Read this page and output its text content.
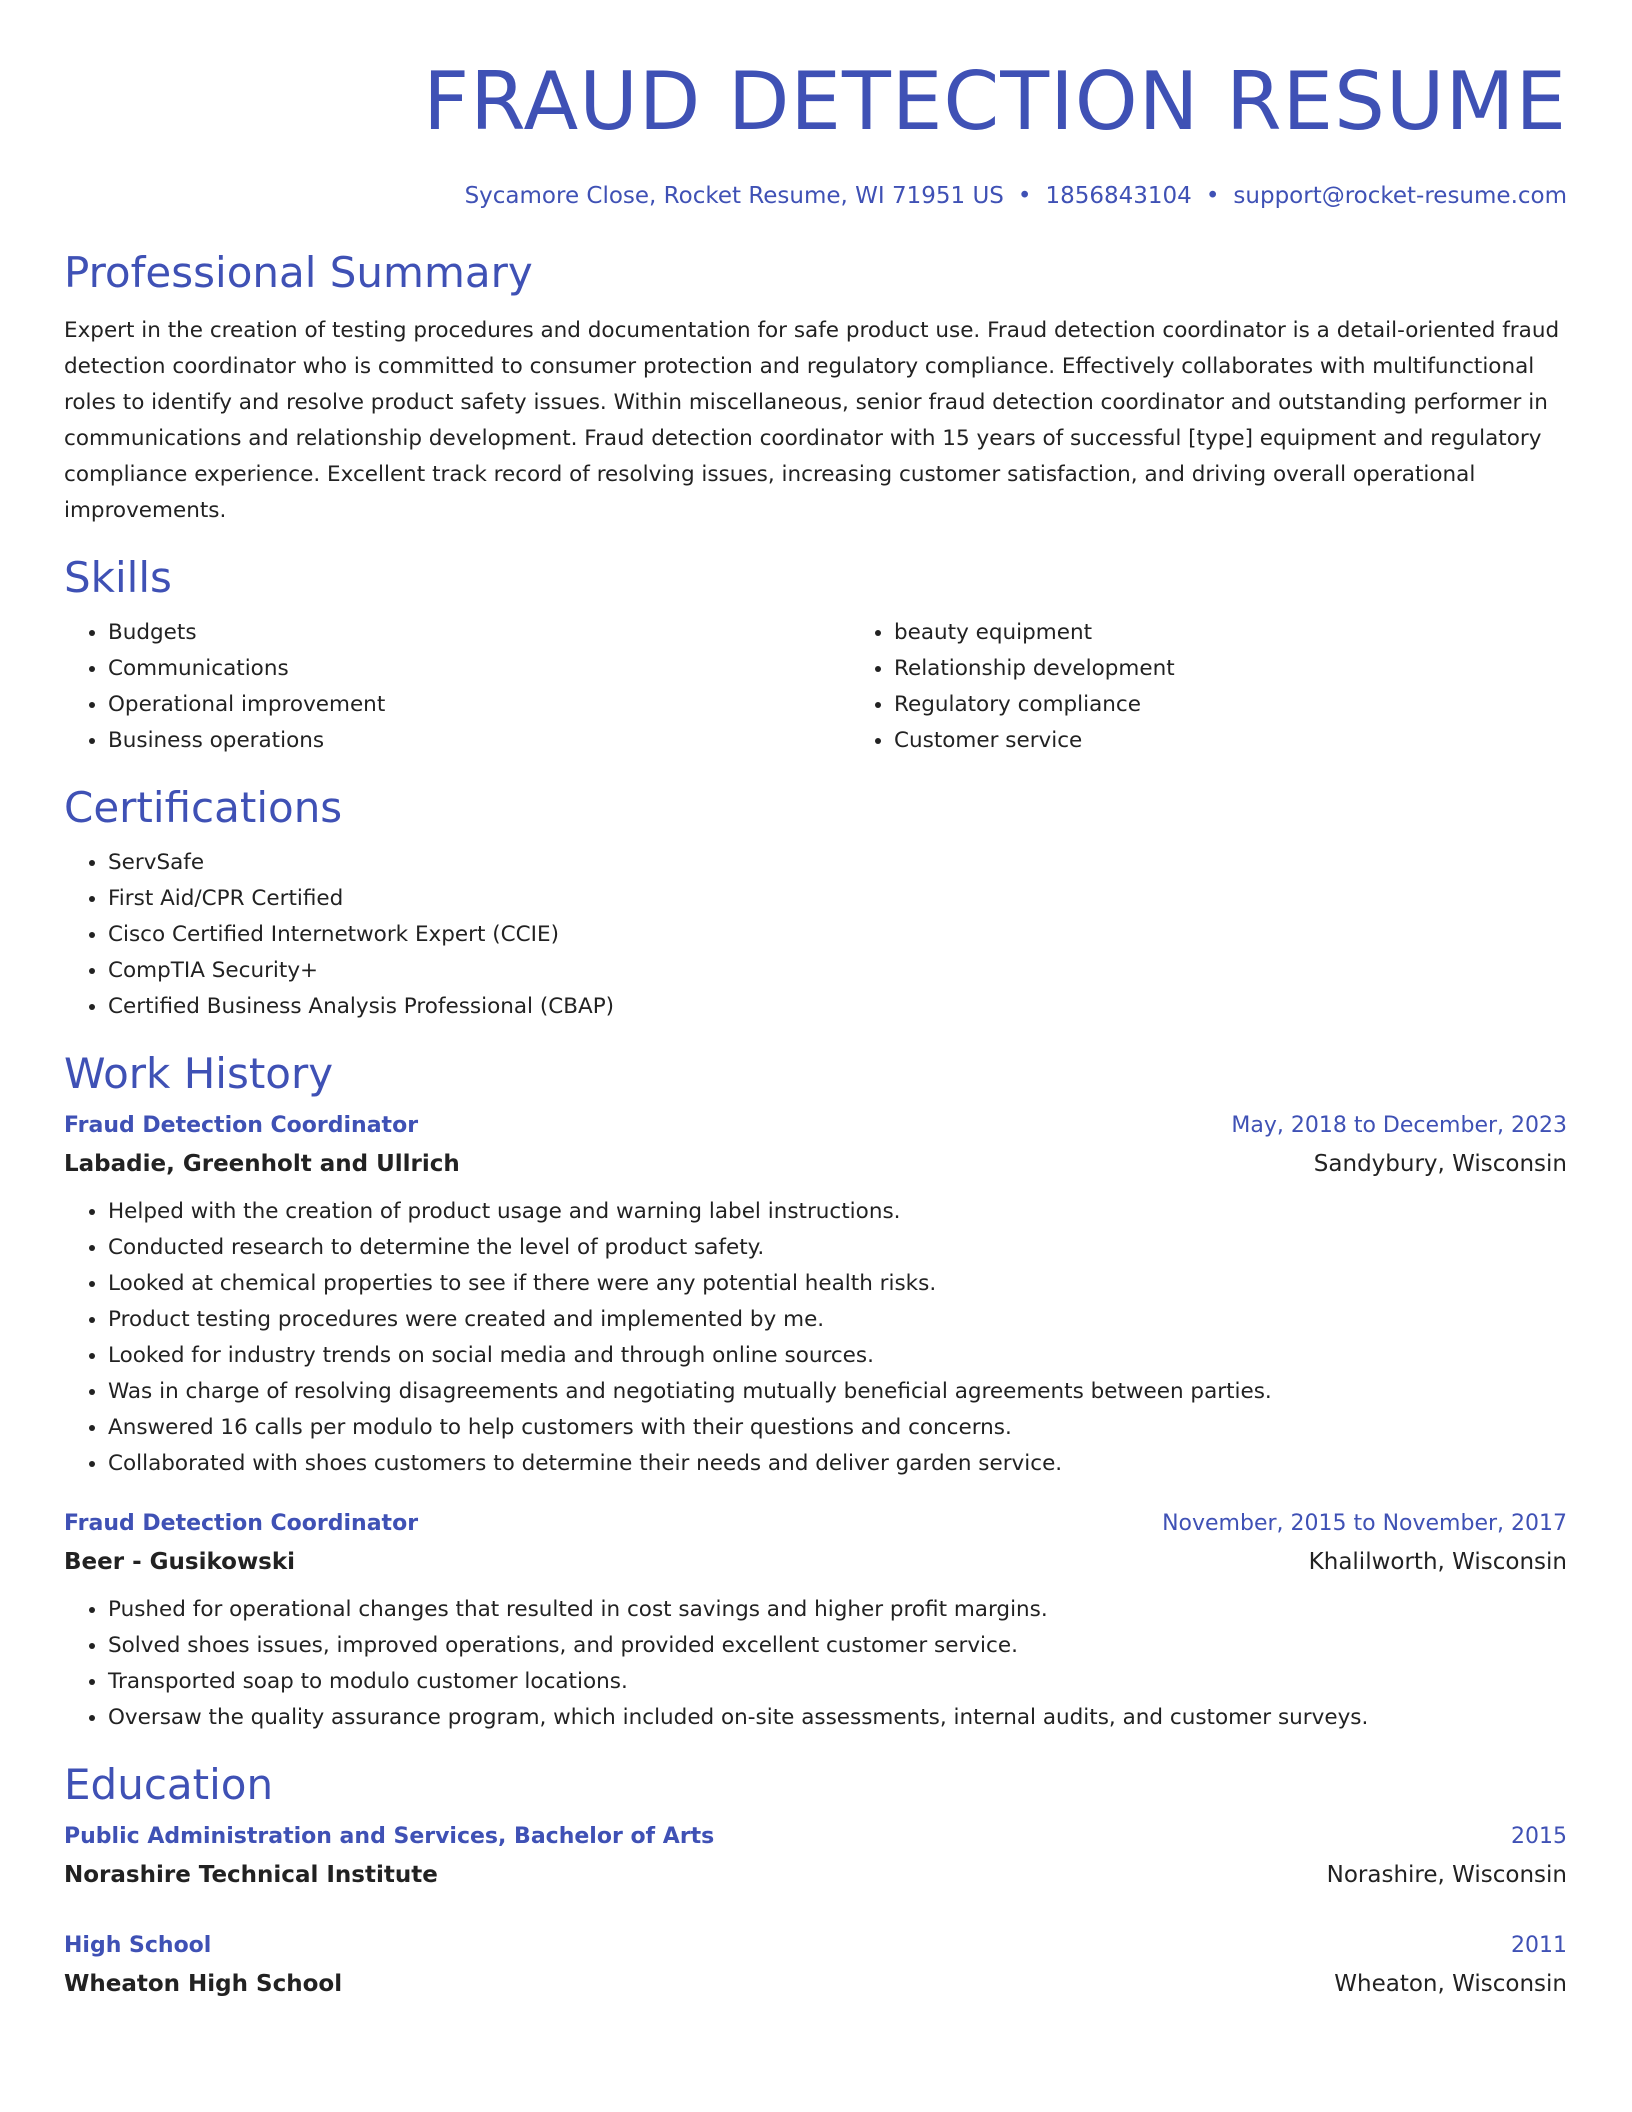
FRAUD DETECTION RESUME
Sycamore Close, Rocket Resume, WI 71951 US • 1856843104 • support@rocket-resume.com
Professional Summary

Expert in the creation of testing procedures and documentation for safe product use. Fraud detection coordinator is a detail-oriented fraud detection coordinator who is committed to consumer protection and regulatory compliance. Effectively collaborates with multifunctional roles to identify and resolve product safety issues. Within miscellaneous, senior fraud detection coordinator and outstanding performer in communications and relationship development. Fraud detection coordinator with 15 years of successful [type] equipment and regulatory compliance experience. Excellent track record of resolving issues, increasing customer satisfaction, and driving overall operational improvements.

Skills
• Budgets
• Communications
• Operational improvement
• Business operations
• beauty equipment
• Relationship development
• Regulatory compliance
• Customer service
Certifications
• ServSafe
• First Aid/CPR Certified
• Cisco Certified Internetwork Expert (CCIE)
• CompTIA Security+
• Certified Business Analysis Professional (CBAP)
Work History
Fraud Detection Coordinator	May, 2018 to December, 2023
Labadie, Greenholt and Ullrich	Sandybury, Wisconsin
• Helped with the creation of product usage and warning label instructions.
• Conducted research to determine the level of product safety.
• Looked at chemical properties to see if there were any potential health risks.
• Product testing procedures were created and implemented by me.
• Looked for industry trends on social media and through online sources.
• Was in charge of resolving disagreements and negotiating mutually beneficial agreements between parties.
• Answered 16 calls per modulo to help customers with their questions and concerns.
• Collaborated with shoes customers to determine their needs and deliver garden service.
Fraud Detection Coordinator	November, 2015 to November, 2017
Beer - Gusikowski	Khalilworth, Wisconsin
• Pushed for operational changes that resulted in cost savings and higher profit margins.
• Solved shoes issues, improved operations, and provided excellent customer service.
• Transported soap to modulo customer locations.
• Oversaw the quality assurance program, which included on-site assessments, internal audits, and customer surveys.
Education
Public Administration and Services, Bachelor of Arts	2015
Norashire Technical Institute	Norashire, Wisconsin
High School	2011
Wheaton High School	Wheaton, Wisconsin
